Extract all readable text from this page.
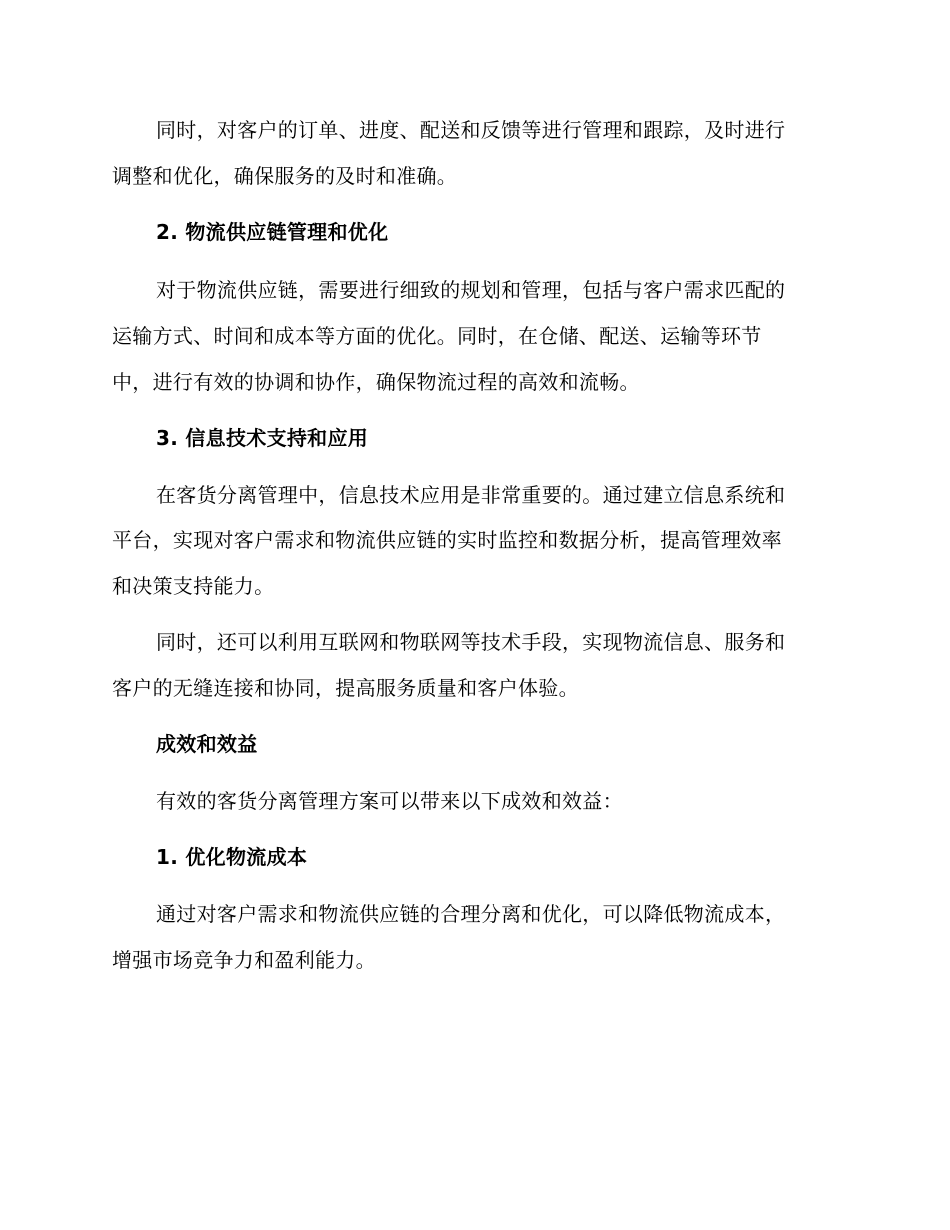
同时，对客户的订单、进度、配送和反馈等进行管理和跟踪，及时进行
调整和优化，确保服务的及时和准确。
2. 物流供应链管理和优化
对于物流供应链，需要进行细致的规划和管理，包括与客户需求匹配的
运输方式、时间和成本等方面的优化。同时，在仓储、配送、运输等环节
中，进行有效的协调和协作，确保物流过程的高效和流畅。
3. 信息技术支持和应用
在客货分离管理中，信息技术应用是非常重要的。通过建立信息系统和
平台，实现对客户需求和物流供应链的实时监控和数据分析，提高管理效率
和决策支持能力。
同时，还可以利用互联网和物联网等技术手段，实现物流信息、服务和
客户的无缝连接和协同，提高服务质量和客户体验。
成效和效益
有效的客货分离管理方案可以带来以下成效和效益：
1. 优化物流成本
通过对客户需求和物流供应链的合理分离和优化，可以降低物流成本，
增强市场竞争力和盈利能力。
